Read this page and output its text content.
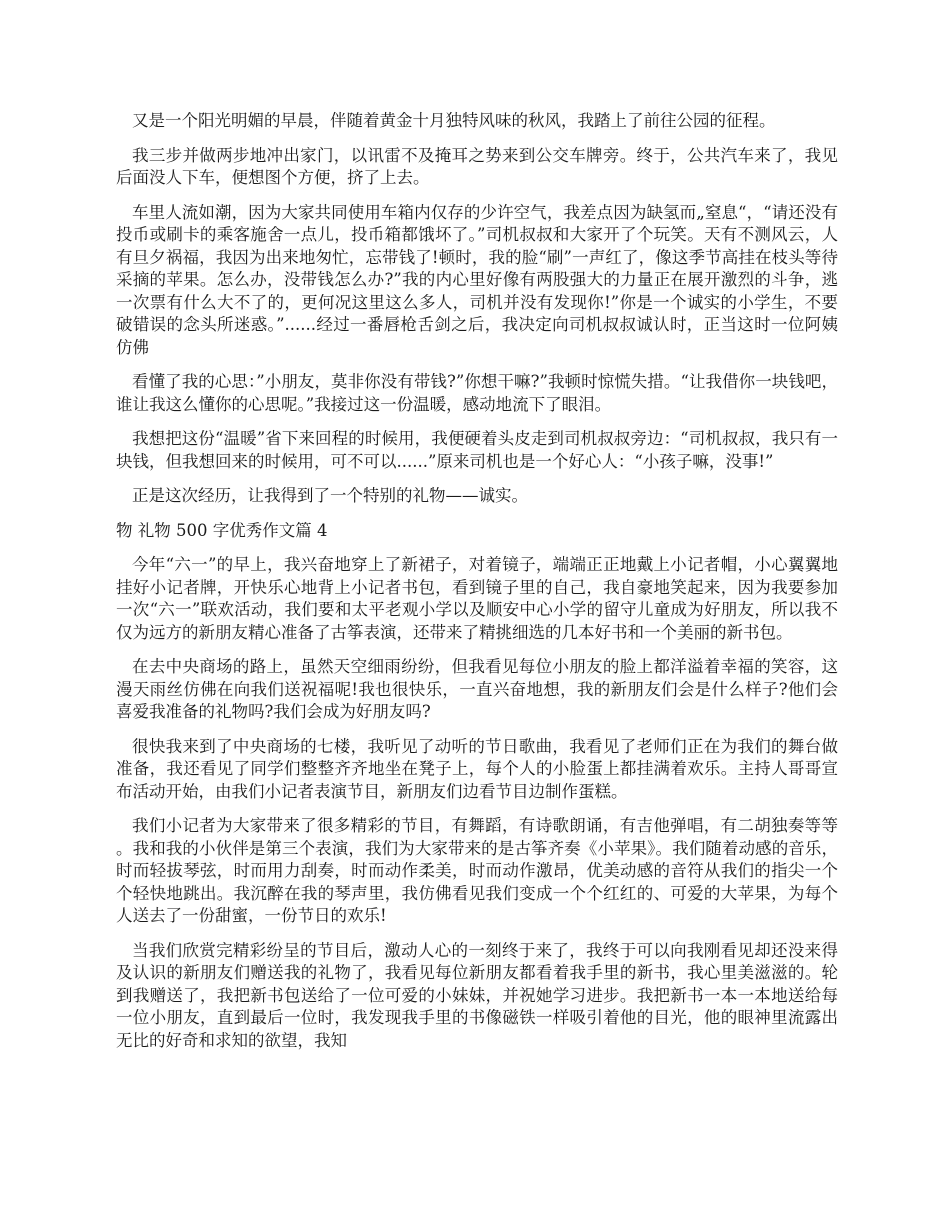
又是一个阳光明媚的早晨，伴随着黄金十月独特风味的秋风，我踏上了前往公园的征程。

我三步并做两步地冲出家门，以讯雷不及掩耳之势来到公交车牌旁。终于，公共汽车来了，我见后面没人下车，便想图个方便，挤了上去。

车里人流如潮，因为大家共同使用车箱内仅存的少许空气，我差点因为缺氢而„窒息“，“请还没有投币或刷卡的乘客施舍一点儿，投币箱都饿坏了。”司机叔叔和大家开了个玩笑。天有不测风云，人有旦夕祸福，我因为出来地匆忙，忘带钱了!顿时，我的脸“刷”一声红了，像这季节高挂在枝头等待采摘的苹果。怎么办，没带钱怎么办?”我的内心里好像有两股强大的力量正在展开激烈的斗争，逃一次票有什么大不了的，更何况这里这么多人，司机并没有发现你!”你是一个诚实的小学生，不要破错误的念头所迷惑。”......经过一番唇枪舌剑之后，我决定向司机叔叔诚认时，正当这时一位阿姨仿佛

看懂了我的心思：”小朋友，莫非你没有带钱?”你想干嘛?”我顿时惊慌失措。“让我借你一块钱吧，谁让我这么懂你的心思呢。”我接过这一份温暖，感动地流下了眼泪。

我想把这份“温暖”省下来回程的时候用，我便硬着头皮走到司机叔叔旁边：“司机叔叔，我只有一块钱，但我想回来的时候用，可不可以......”原来司机也是一个好心人：“小孩子嘛，没事!”

正是这次经历，让我得到了一个特别的礼物——诚实。

物 礼物 500 字优秀作文篇 4

今年“六一”的早上，我兴奋地穿上了新裙子，对着镜子，端端正正地戴上小记者帽，小心翼翼地挂好小记者牌，开快乐心地背上小记者书包，看到镜子里的自己，我自豪地笑起来，因为我要参加一次“六一”联欢活动，我们要和太平老观小学以及顺安中心小学的留守儿童成为好朋友，所以我不仅为远方的新朋友精心准备了古筝表演，还带来了精挑细选的几本好书和一个美丽的新书包。

在去中央商场的路上，虽然天空细雨纷纷，但我看见每位小朋友的脸上都洋溢着幸福的笑容，这漫天雨丝仿佛在向我们送祝福呢!我也很快乐，一直兴奋地想，我的新朋友们会是什么样子?他们会喜爱我准备的礼物吗?我们会成为好朋友吗?

很快我来到了中央商场的七楼，我听见了动听的节日歌曲，我看见了老师们正在为我们的舞台做准备，我还看见了同学们整整齐齐地坐在凳子上，每个人的小脸蛋上都挂满着欢乐。主持人哥哥宣布活动开始，由我们小记者表演节目，新朋友们边看节目边制作蛋糕。

我们小记者为大家带来了很多精彩的节目，有舞蹈，有诗歌朗诵，有吉他弹唱，有二胡独奏等等。我和我的小伙伴是第三个表演，我们为大家带来的是古筝齐奏《小苹果》。我们随着动感的音乐，时而轻拔琴弦，时而用力刮奏，时而动作柔美，时而动作激昂，优美动感的音符从我们的指尖一个个轻快地跳出。我沉醉在我的琴声里，我仿佛看见我们变成一个个红红的、可爱的大苹果，为每个人送去了一份甜蜜，一份节日的欢乐!

当我们欣赏完精彩纷呈的节目后，激动人心的一刻终于来了，我终于可以向我刚看见却还没来得及认识的新朋友们赠送我的礼物了，我看见每位新朋友都看着我手里的新书，我心里美滋滋的。轮到我赠送了，我把新书包送给了一位可爱的小妹妹，并祝她学习进步。我把新书一本一本地送给每一位小朋友，直到最后一位时，我发现我手里的书像磁铁一样吸引着他的目光，他的眼神里流露出无比的好奇和求知的欲望，我知
